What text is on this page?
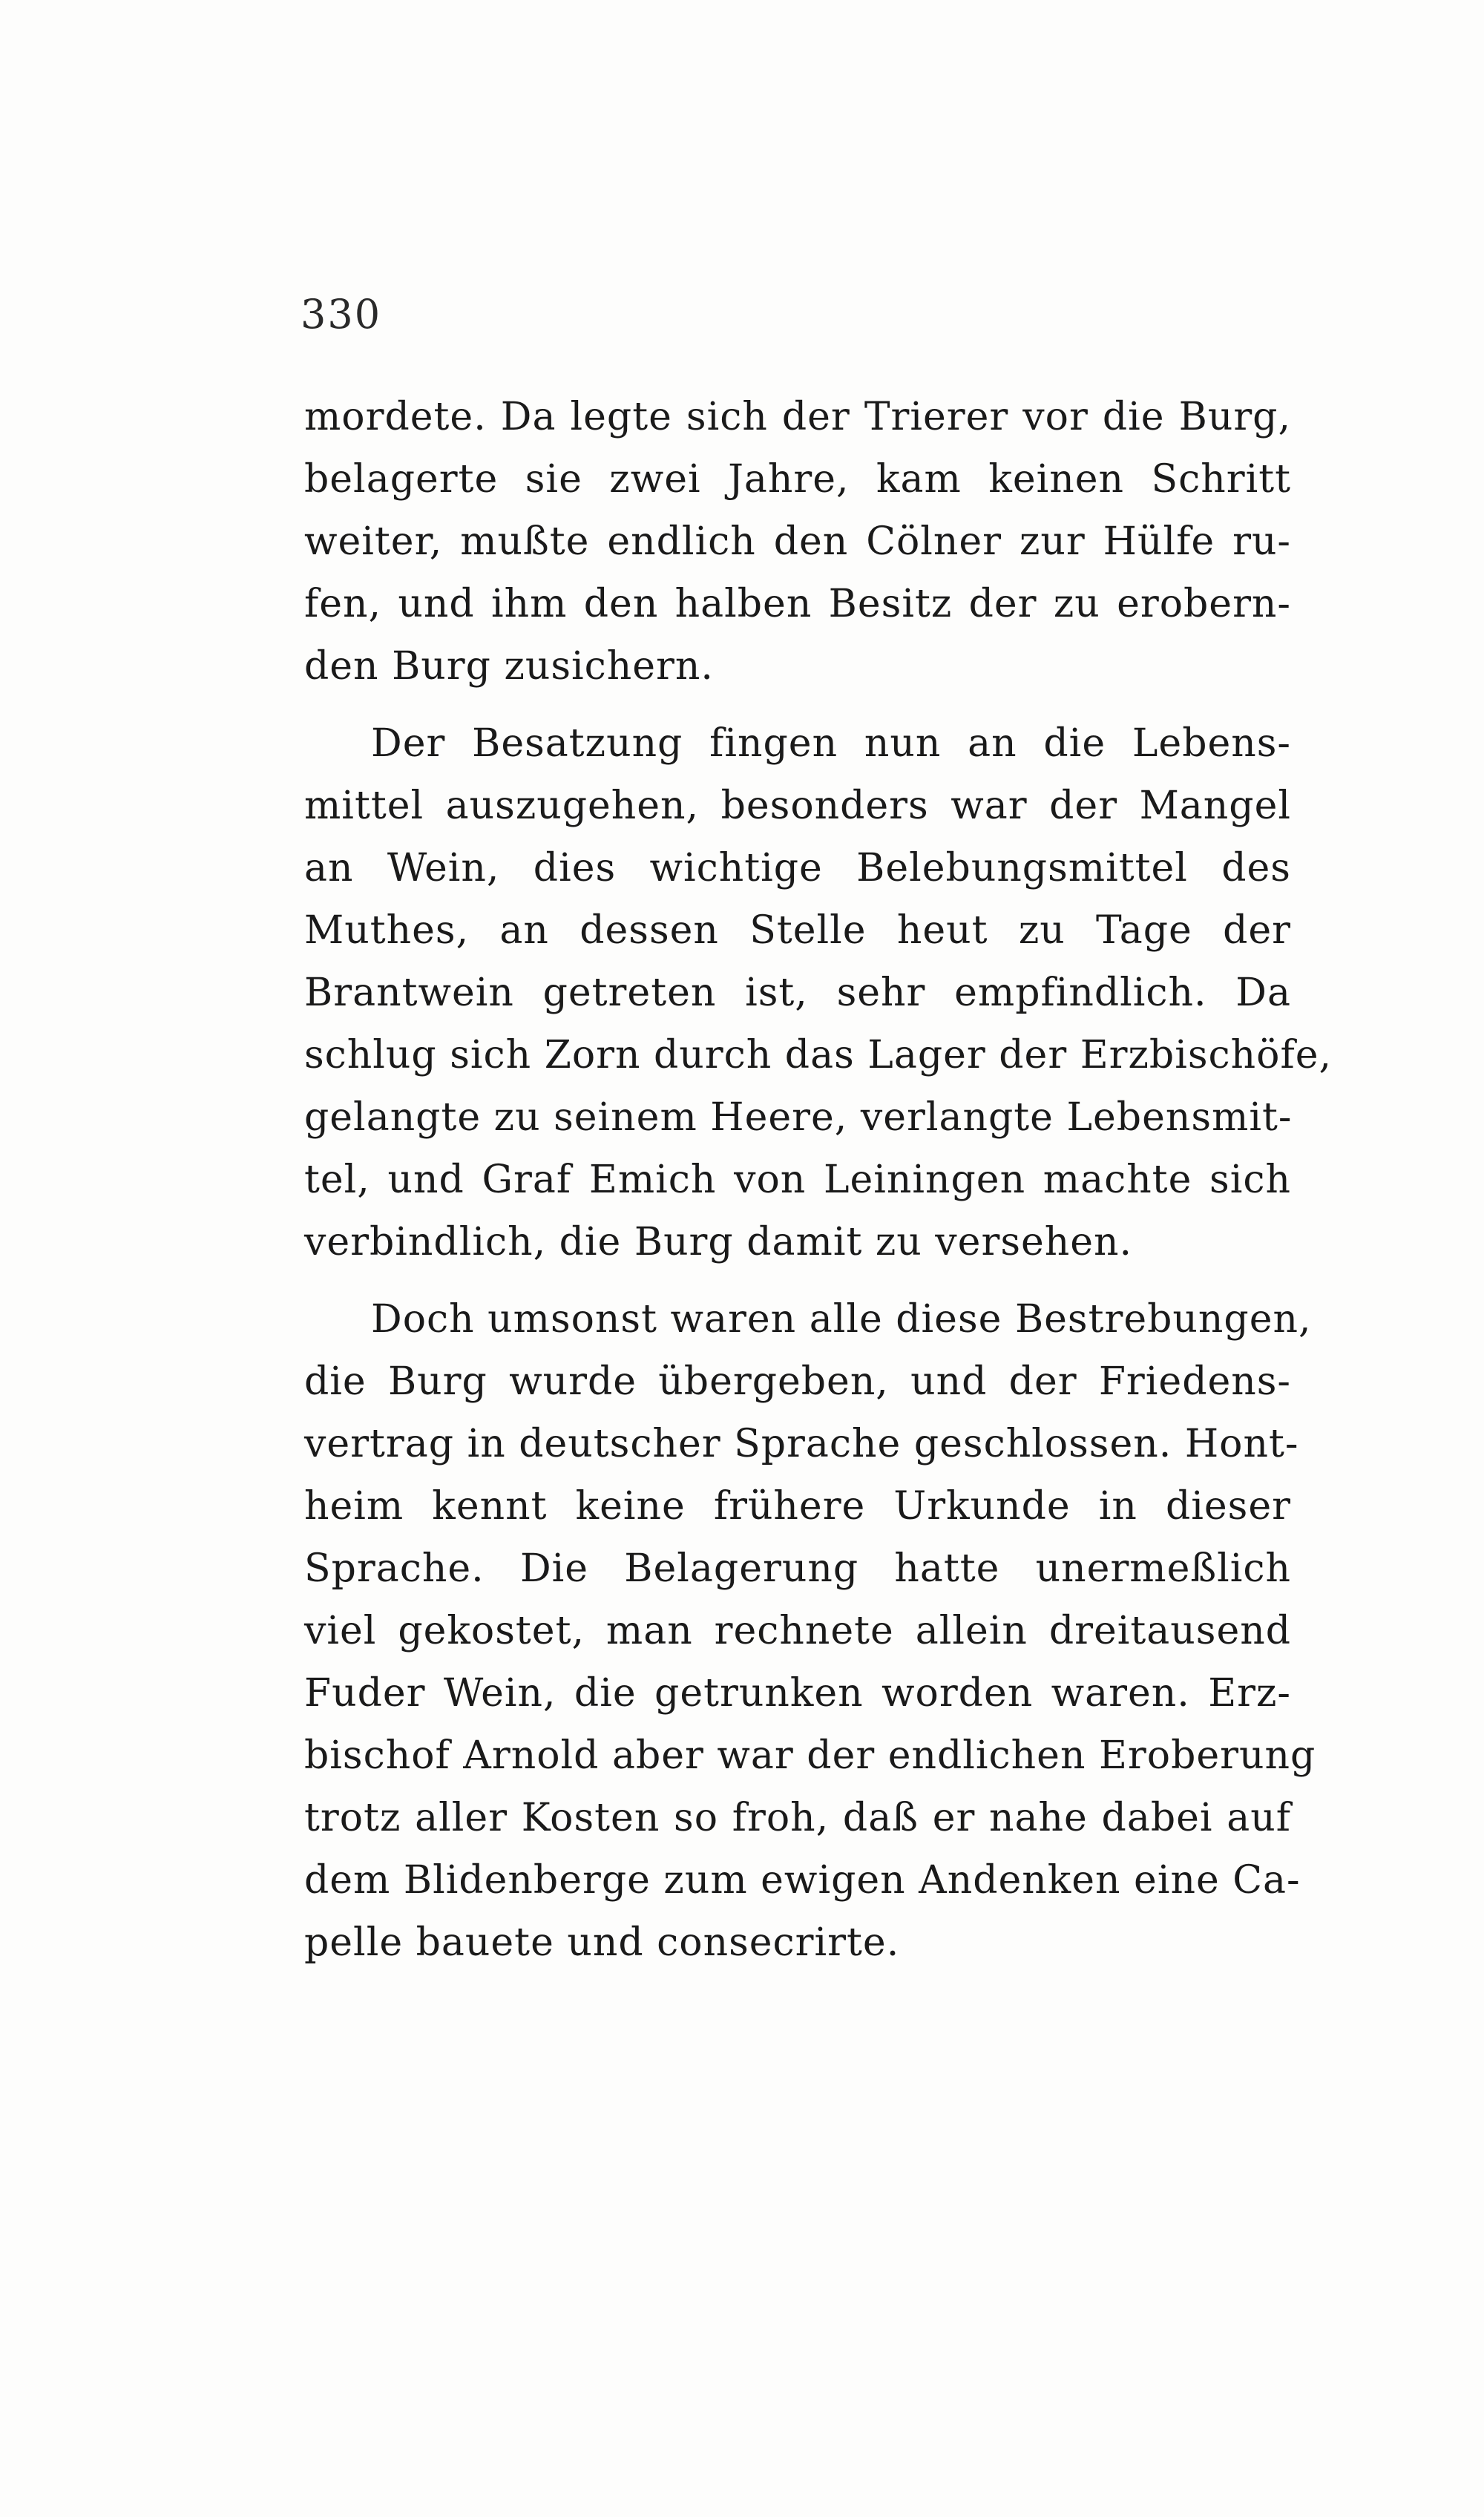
330
mordete. Da legte sich der Trierer vor die Burg,
belagerte sie zwei Jahre, kam keinen Schritt
weiter, mußte endlich den Cölner zur Hülfe ru-
fen, und ihm den halben Besitz der zu erobern-
den Burg zusichern.
Der Besatzung fingen nun an die Lebens-
mittel auszugehen, besonders war der Mangel
an Wein, dies wichtige Belebungsmittel des
Muthes, an dessen Stelle heut zu Tage der
Brantwein getreten ist, sehr empfindlich. Da
schlug sich Zorn durch das Lager der Erzbischöfe,
gelangte zu seinem Heere, verlangte Lebensmit-
tel, und Graf Emich von Leiningen machte sich
verbindlich, die Burg damit zu versehen.
Doch umsonst waren alle diese Bestrebungen,
die Burg wurde übergeben, und der Friedens-
vertrag in deutscher Sprache geschlossen. Hont-
heim kennt keine frühere Urkunde in dieser
Sprache. Die Belagerung hatte unermeßlich
viel gekostet, man rechnete allein dreitausend
Fuder Wein, die getrunken worden waren. Erz-
bischof Arnold aber war der endlichen Eroberung
trotz aller Kosten so froh, daß er nahe dabei auf
dem Blidenberge zum ewigen Andenken eine Ca-
pelle bauete und consecrirte.
